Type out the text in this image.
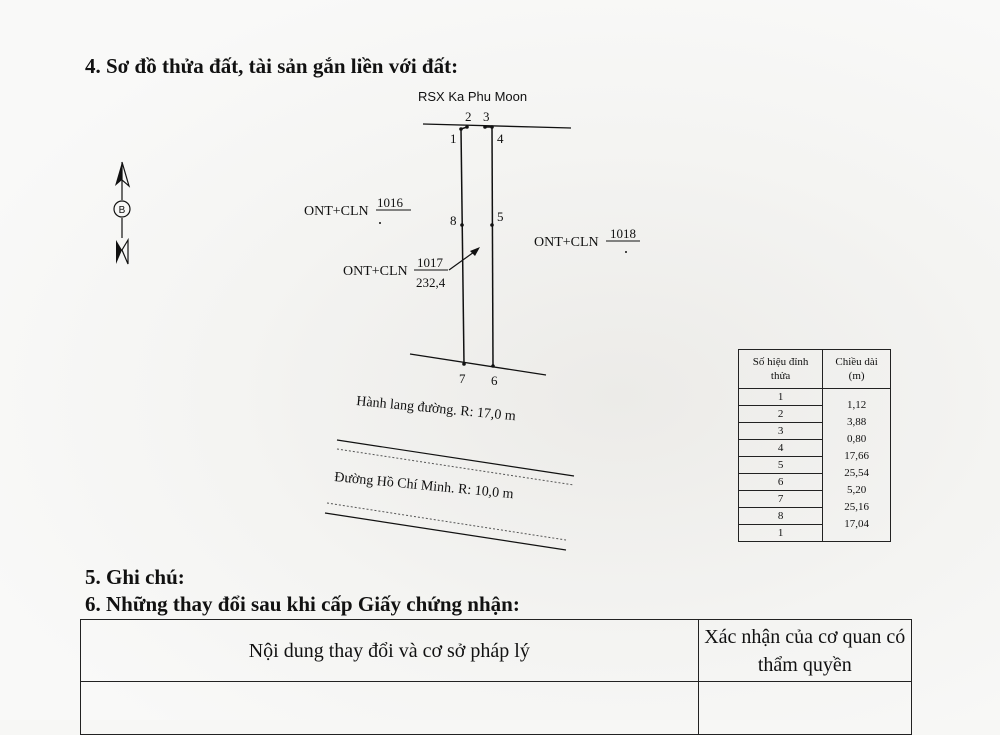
4. Sơ đồ thửa đất, tài sản gắn liền với đất:
B
RSX Ka Phu Moon
1
2 3
4
5
6
7
8
ONT+CLN
1016
ONT+CLN
1018
ONT+CLN
1017
232,4
Hành lang đường. R: 17,0 m
Đường Hồ Chí Minh. R: 10,0 m
Số hiệu đỉnh thửa	Chiều dài (m)
1	1,12
2	3,88
3	0,80
4	17,66
5	25,54
6	5,20
7	25,16
8	17,04
1	
5. Ghi chú:
6. Những thay đổi sau khi cấp Giấy chứng nhận:
Nội dung thay đổi và cơ sở pháp lý	Xác nhận của cơ quan có thẩm quyền
